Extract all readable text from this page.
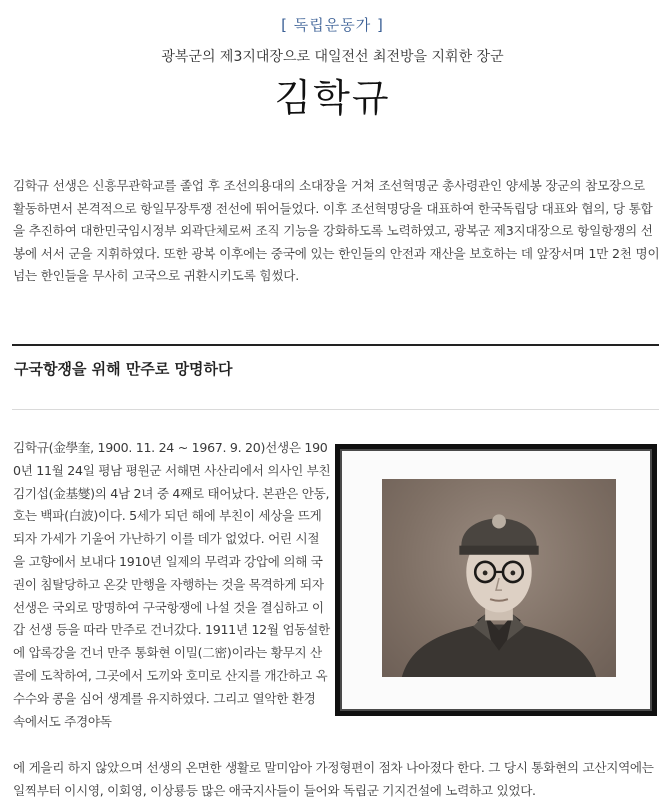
[ 독립운동가 ]
광복군의 제3지대장으로 대일전선 최전방을 지휘한 장군
김학규

김학규 선생은 신흥무관학교를 졸업 후 조선의용대의 소대장을 거쳐 조선혁명군 총사령관인 양세봉 장군의 참모장으로 활동하면서 본격적으로 항일무장투쟁 전선에 뛰어들었다. 이후 조선혁명당을 대표하여 한국독립당 대표와 협의, 당 통합을 추진하여 대한민국임시정부 외곽단체로써 조직 기능을 강화하도록 노력하였고, 광복군 제3지대장으로 항일항쟁의 선봉에 서서 군을 지휘하였다. 또한 광복 이후에는 중국에 있는 한인들의 안전과 재산을 보호하는 데 앞장서며 1만 2천 명이 넘는 한인들을 무사히 고국으로 귀환시키도록 힘썼다.

구국항쟁을 위해 만주로 망명하다

김학규(金學奎, 1900. 11. 24 ~ 1967. 9. 20)선생은 1900년 11월 24일 평남 평원군 서해면 사산리에서 의사인 부친 김기섭(金基燮)의 4남 2녀 중 4째로 태어났다. 본관은 안동, 호는 백파(白波)이다. 5세가 되던 해에 부친이 세상을 뜨게 되자 가세가 기울어 가난하기 이를 데가 없었다. 어린 시절을 고향에서 보내다 1910년 일제의 무력과 강압에 의해 국권이 침탈당하고 온갖 만행을 자행하는 것을 목격하게 되자 선생은 국외로 망명하여 구국항쟁에 나설 것을 결심하고 이갑 선생 등을 따라 만주로 건너갔다. 1911년 12월 엄동설한에 압록강을 건너 만주 통화현 이밀(二密)이라는 황무지 산골에 도착하여, 그곳에서 도끼와 호미로 산지를 개간하고 옥수수와 콩을 심어 생계를 유지하였다. 그리고 열악한 환경 속에서도 주경야독

에 게을리 하지 않았으며 선생의 온면한 생활로 말미암아 가정형편이 점차 나아졌다 한다. 그 당시 통화현의 고산지역에는 일찍부터 이시영, 이회영, 이상룡등 많은 애국지사들이 들어와 독립군 기지건설에 노력하고 있었다.
